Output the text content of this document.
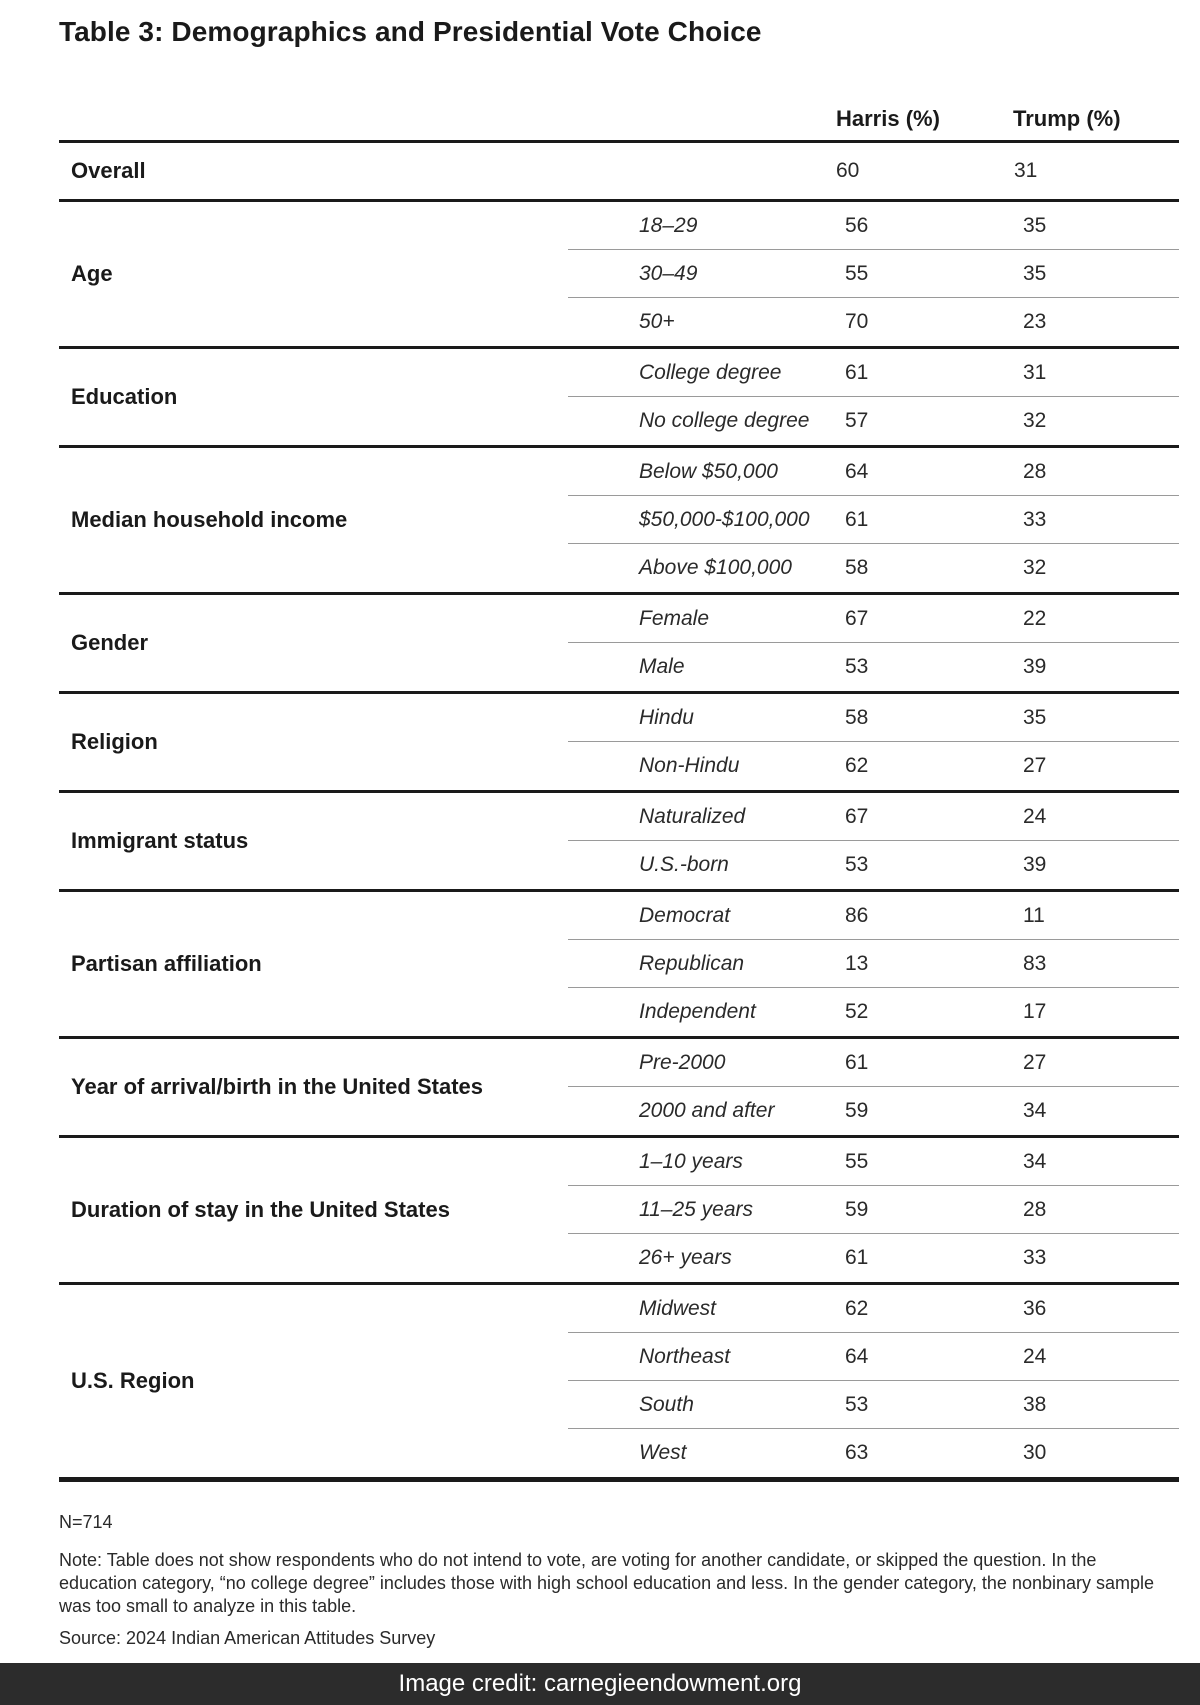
Table 3: Demographics and Presidential Vote Choice
Harris (%)	Trump (%)
Overall	60	31
Age
18–29	56	35
30–49	55	35
50+	70	23
Education
College degree	61	31
No college degree 57	32
Median household income
Below $50,000	64	28
$50,000-$100,000 61	33
Above $100,000	58	32
Gender
Female	67	22
Male	53	39
Religion
Hindu	58	35
Non-Hindu	62	27
Immigrant status
Naturalized	67	24
U.S.-born	53	39
Partisan affiliation
Democrat	86	11
Republican	13	83
Independent	52	17
Year of arrival/birth in the United States
Pre-2000	61	27
2000 and after	59	34
Duration of stay in the United States
1–10 years	55	34
11–25 years	59	28
26+ years	61	33
U.S. Region
Midwest	62	36
Northeast	64	24
South	53	38
West	63	30
N=714
Note: Table does not show respondents who do not intend to vote, are voting for another candidate, or skipped the question. In the education category, “no college degree” includes those with high school education and less. In the gender category, the nonbinary sample was too small to analyze in this table.
Source: 2024 Indian American Attitudes Survey
Image credit: carnegieendowment.org
